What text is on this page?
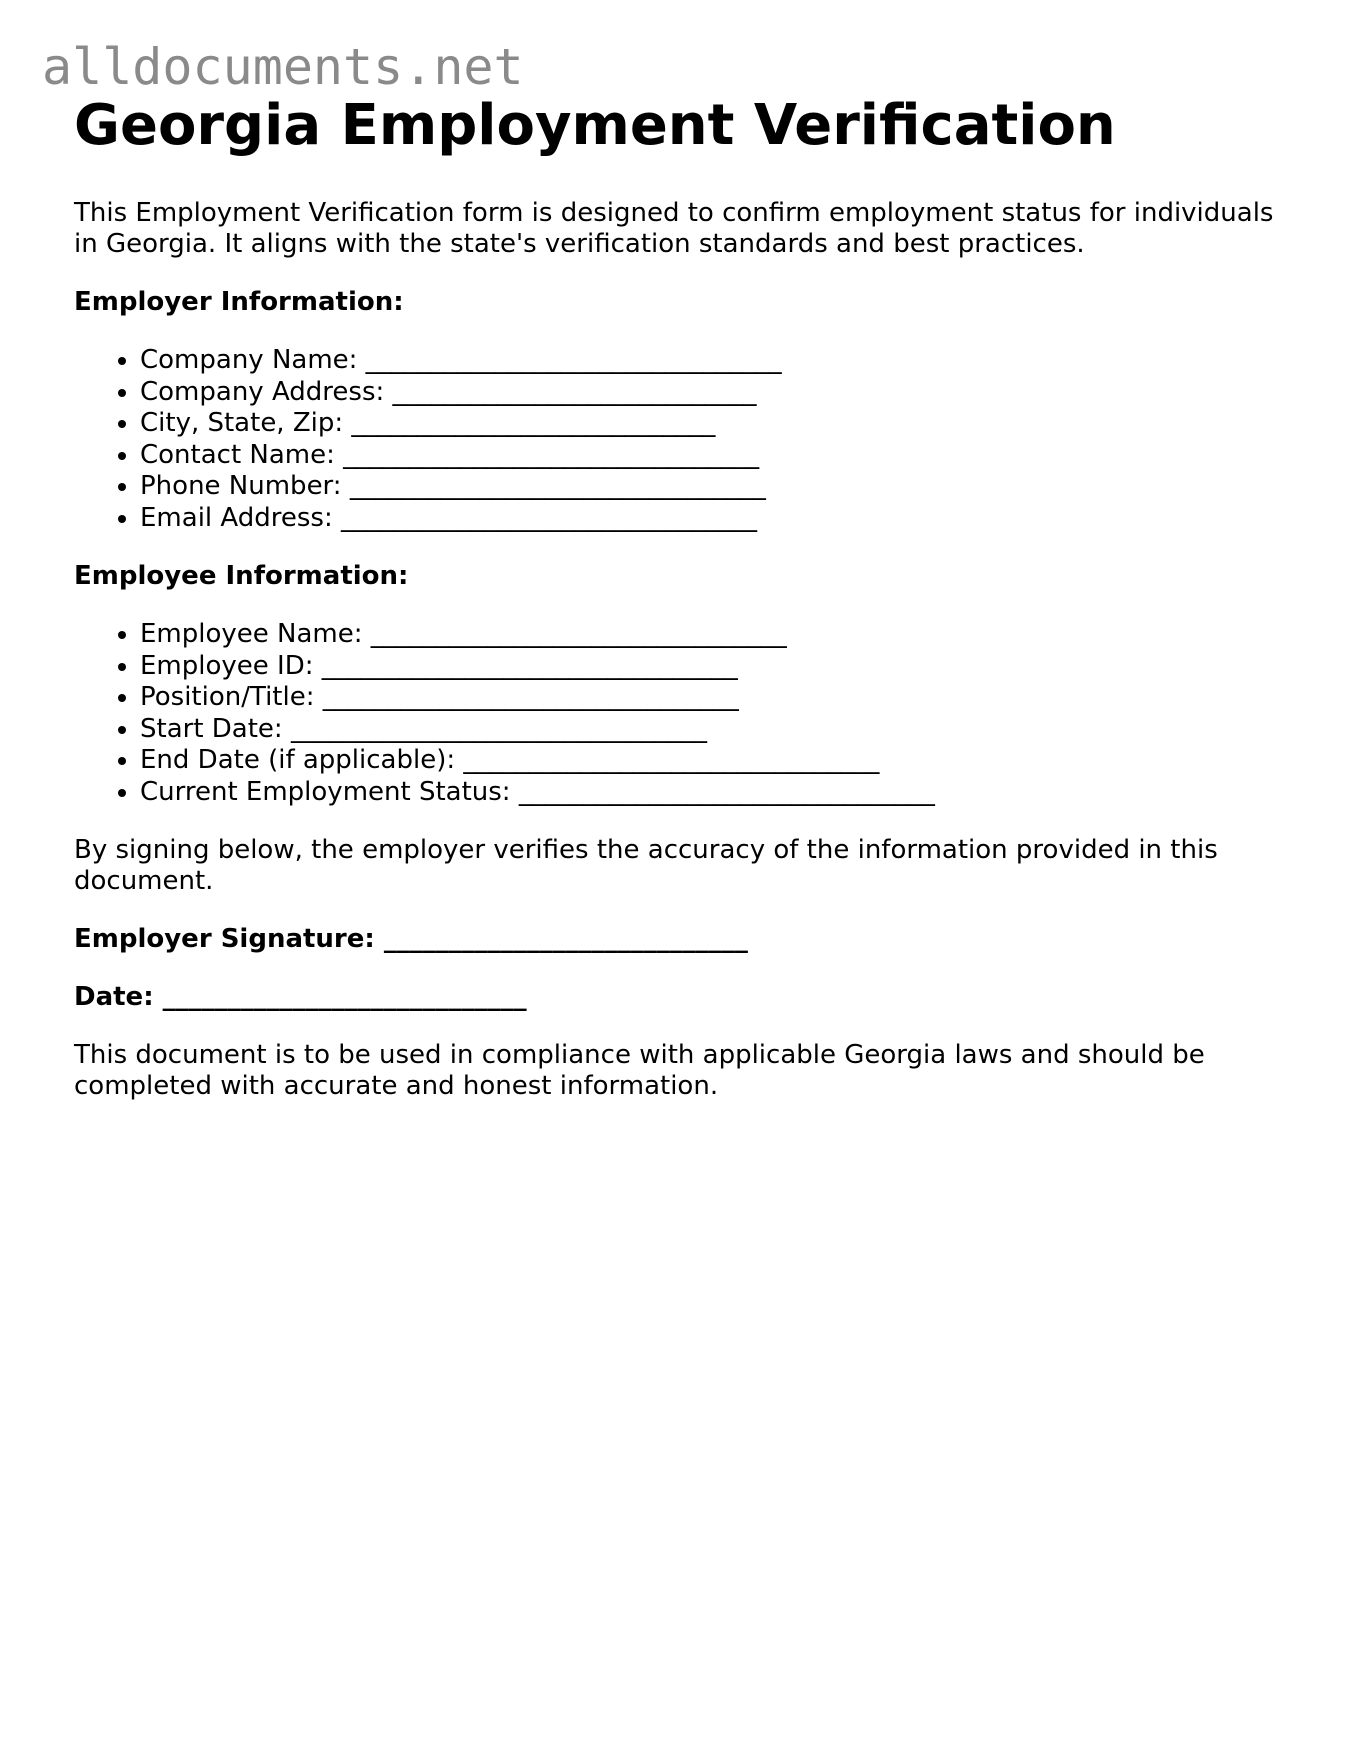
alldocuments.net
Georgia Employment Verification

This Employment Verification form is designed to confirm employment status for individuals in Georgia. It aligns with the state's verification standards and best practices.

Employer Information:

• Company Name: ________________________________
• Company Address: ____________________________
• City, State, Zip: ____________________________
• Contact Name: ________________________________
• Phone Number: ________________________________
• Email Address: ________________________________

Employee Information:

• Employee Name: ________________________________
• Employee ID: ________________________________
• Position/Title: ________________________________
• Start Date: ________________________________
• End Date (if applicable): ________________________________
• Current Employment Status: ________________________________

By signing below, the employer verifies the accuracy of the information provided in this document.

Employer Signature: ____________________________

Date: ____________________________

This document is to be used in compliance with applicable Georgia laws and should be completed with accurate and honest information.
